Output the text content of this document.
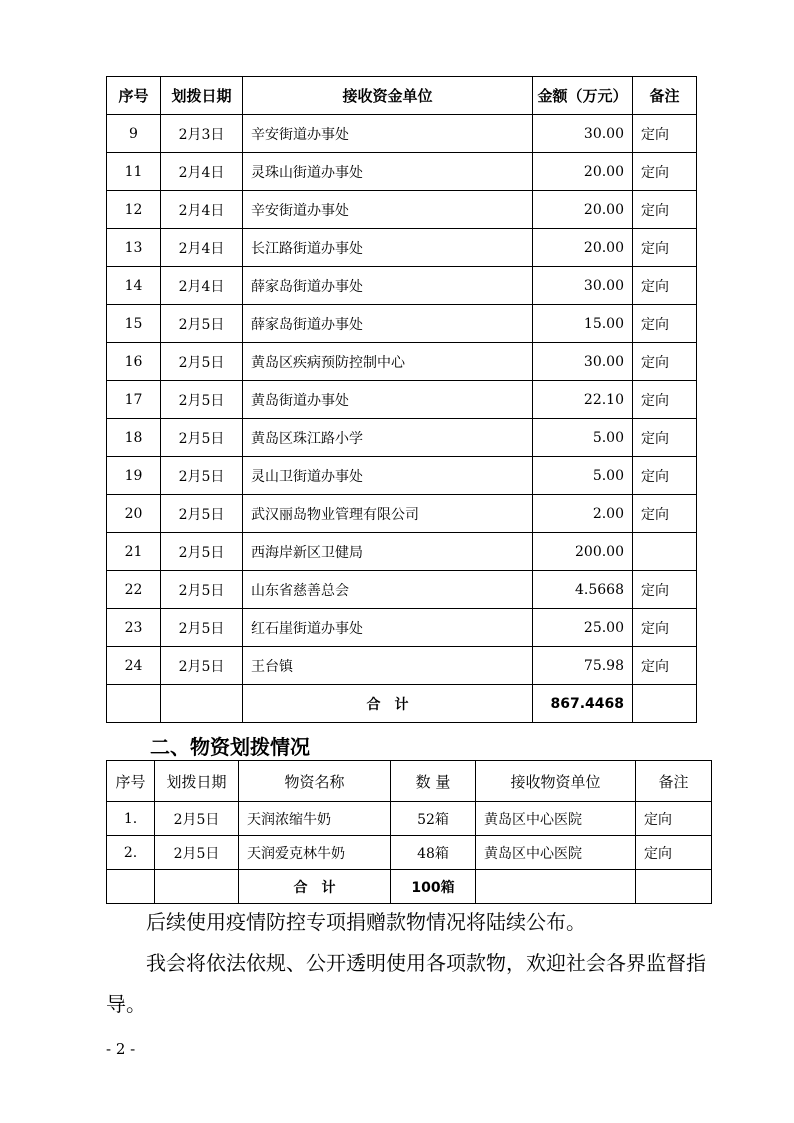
序号	划拨日期	接收资金单位	金额（万元）	备注
9	2月3日	辛安街道办事处	30.00	定向
11	2月4日	灵珠山街道办事处	20.00	定向
12	2月4日	辛安街道办事处	20.00	定向
13	2月4日	长江路街道办事处	20.00	定向
14	2月4日	薛家岛街道办事处	30.00	定向
15	2月5日	薛家岛街道办事处	15.00	定向
16	2月5日	黄岛区疾病预防控制中心	30.00	定向
17	2月5日	黄岛街道办事处	22.10	定向
18	2月5日	黄岛区珠江路小学	5.00	定向
19	2月5日	灵山卫街道办事处	5.00	定向
20	2月5日	武汉丽岛物业管理有限公司	2.00	定向
21	2月5日	西海岸新区卫健局	200.00	
22	2月5日	山东省慈善总会	4.5668	定向
23	2月5日	红石崖街道办事处	25.00	定向
24	2月5日	王台镇	75.98	定向
		合　计	867.4468	
二、物资划拨情况
序号	划拨日期	物资名称	数 量	接收物资单位	备注
1.	2月5日	天润浓缩牛奶	52箱	黄岛区中心医院	定向
2.	2月5日	天润爱克林牛奶	48箱	黄岛区中心医院	定向
		合　计	100箱		

后续使用疫情防控专项捐赠款物情况将陆续公布。

我会将依法依规、公开透明使用各项款物，欢迎社会各界监督指导。

- 2 -
